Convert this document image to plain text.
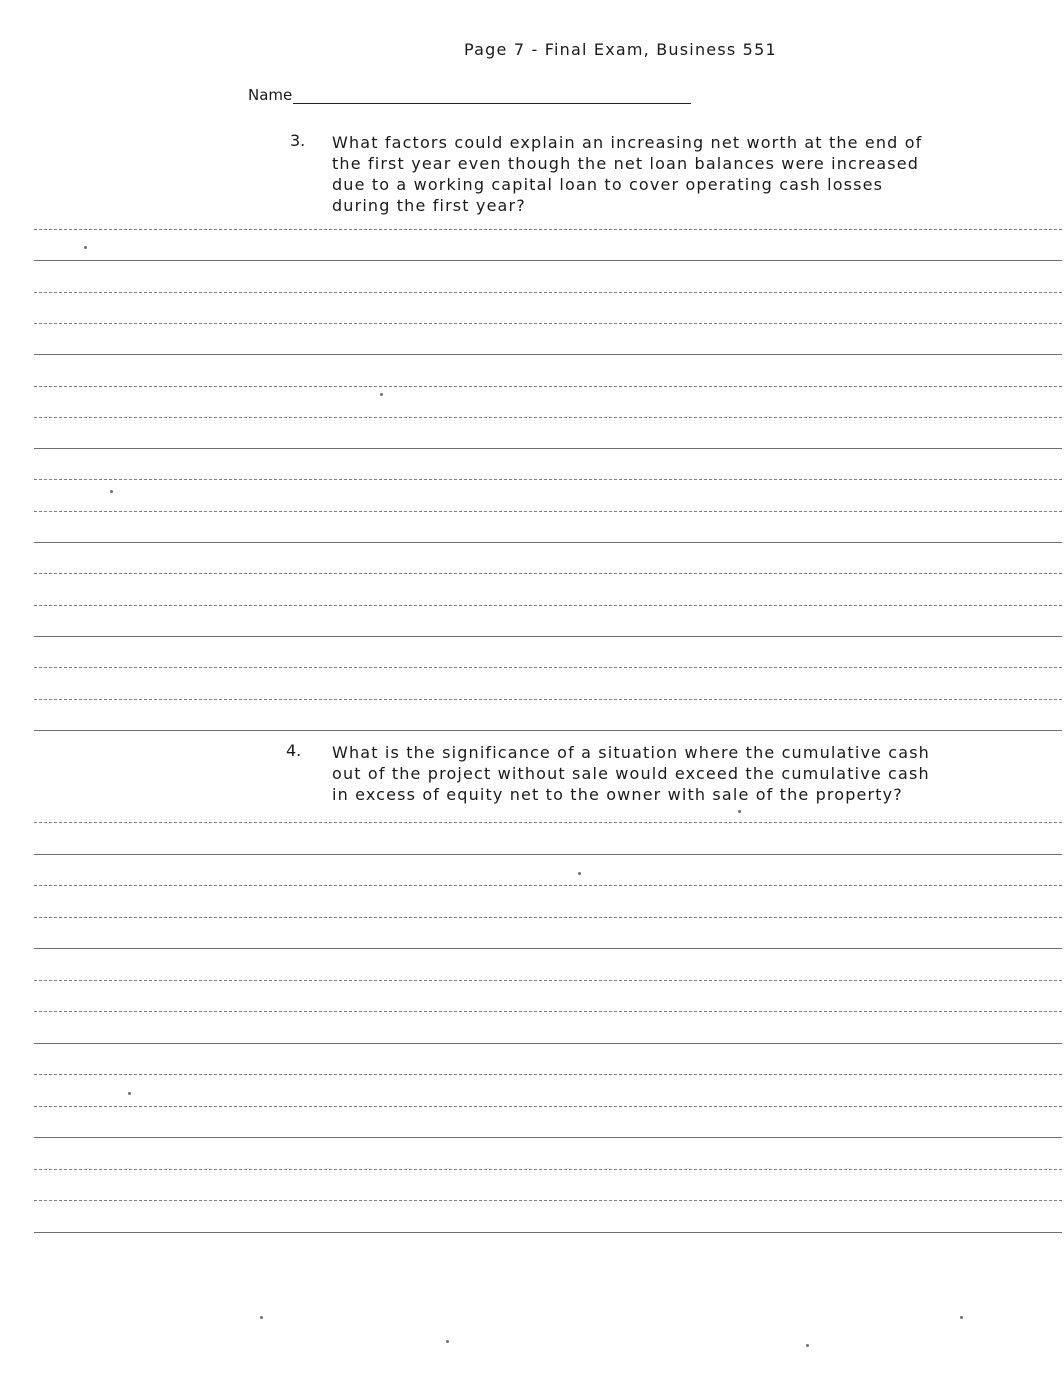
Page 7 - Final Exam, Business 551
Name
3. What factors could explain an increasing net worth at the end of
the first year even though the net loan balances were increased
due to a working capital loan to cover operating cash losses
during the first year?
4. What is the significance of a situation where the cumulative cash
out of the project without sale would exceed the cumulative cash
in excess of equity net to the owner with sale of the property?
